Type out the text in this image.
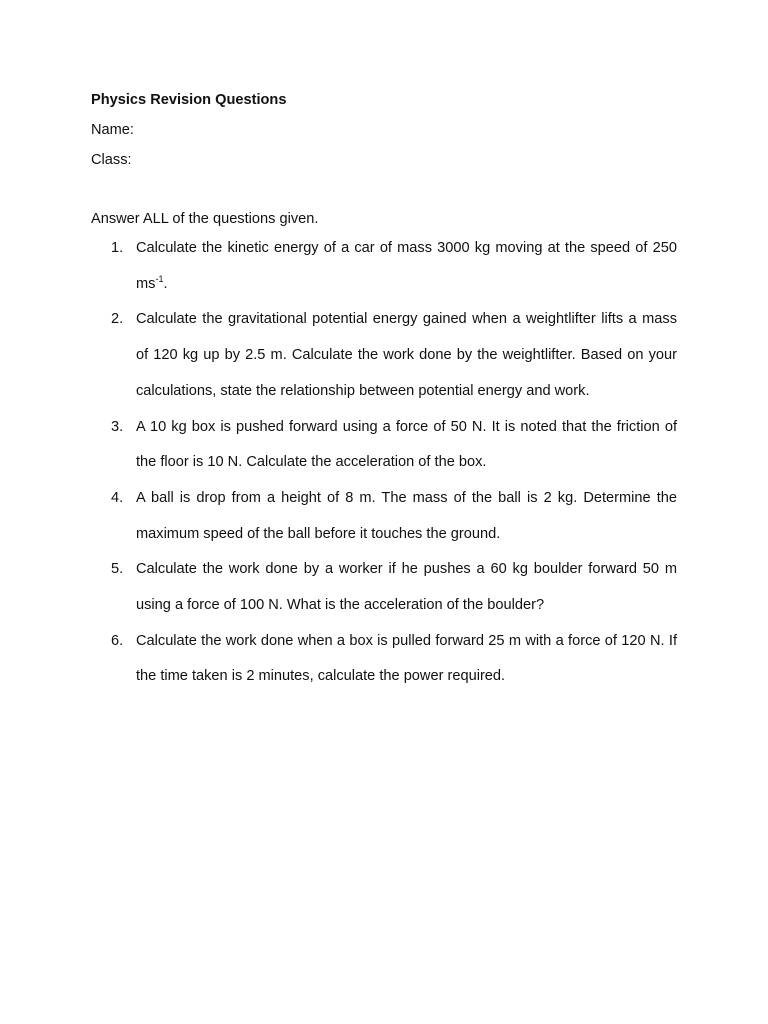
Physics Revision Questions
Name:
Class:
Answer ALL of the questions given.
1. Calculate the kinetic energy of a car of mass 3000 kg moving at the speed of 250 $ms^{-1}$.
2. Calculate the gravitational potential energy gained when a weightlifter lifts a mass of 120 kg up by 2.5 m. Calculate the work done by the weightlifter. Based on your calculations, state the relationship between potential energy and work.
3. A 10 kg box is pushed forward using a force of 50 N. It is noted that the friction of the floor is 10 N. Calculate the acceleration of the box.
4. A ball is drop from a height of 8 m. The mass of the ball is 2 kg. Determine the maximum speed of the ball before it touches the ground.
5. Calculate the work done by a worker if he pushes a 60 kg boulder forward 50 m using a force of 100 N. What is the acceleration of the boulder?
6. Calculate the work done when a box is pulled forward 25 m with a force of 120 N. If the time taken is 2 minutes, calculate the power required.
